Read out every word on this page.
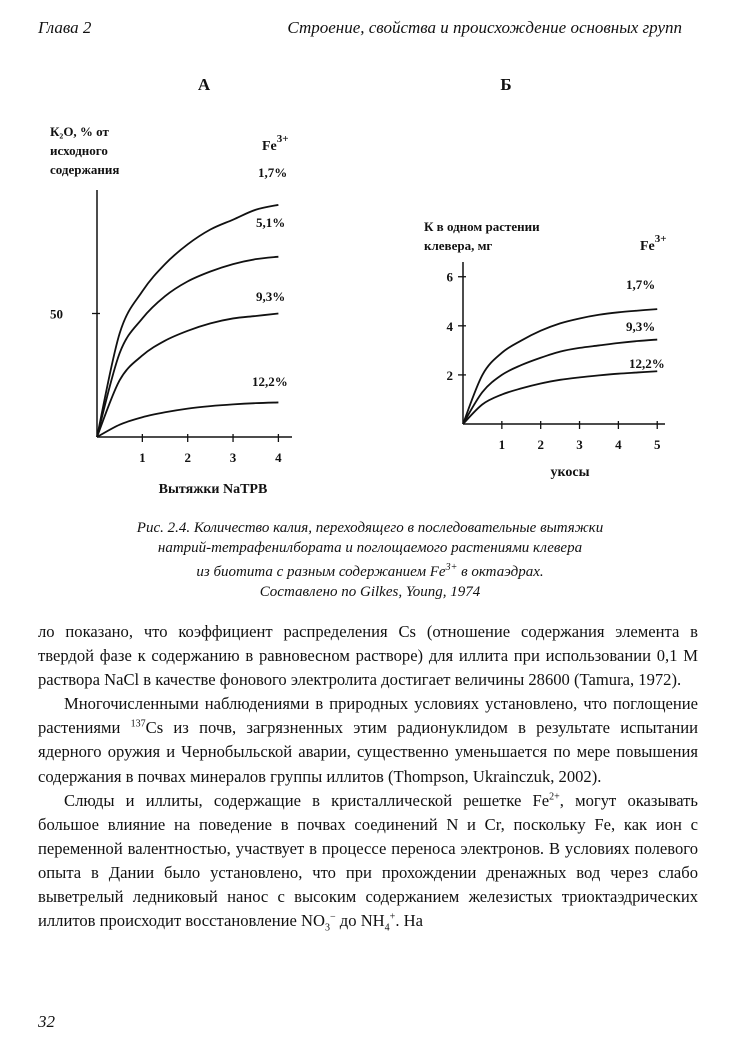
Глава 2	Строение, свойства и происхождение основных групп
А
К₂О, % от
исходного
содержания
$Fe^{3+}$
50
1	2	3	4
1,7%
5,1%
9,3%
12,2%
Вытяжки NaТРВ
Б
К в одном растении
клевера, мг	$Fe^{3+}$
2
4
6
1 2 3 4 5
1,7%
9,3%
12,2%
укосы
Рис. 2.4. Количество калия, переходящего в последовательные вытяжки
натрий-тетрафенилбората и поглощаемого растениями клевера
из биотита с разным содержанием $Fe^{3+}$ в октаэдрах.
Составлено по Gilkes, Young, 1974

ло показано, что коэффициент распределения Cs (отношение содержания элемента в твердой фазе к содержанию в равновесном растворе) для иллита при использовании 0,1 М раствора NaCl в качестве фонового электролита достигает величины 28600 (Tamura, 1972).

Многочисленными наблюдениями в природных условиях установлено, что поглощение растениями $^{137}$Cs из почв, загрязненных этим радионуклидом в результате испытании ядерного оружия и Чернобыльской аварии, существенно уменьшается по мере повышения содержания в почвах минералов группы иллитов (Thompson, Ukrainczuk, 2002).

Слюды и иллиты, содержащие в кристаллической решетке $Fe^{2+}$, могут оказывать большое влияние на поведение в почвах соединений N и Cr, поскольку Fe, как ион с переменной валентностью, участвует в процессе переноса электронов. В условиях полевого опыта в Дании было установлено, что при прохождении дренажных вод через слабо выветрелый ледниковый нанос с высоким содержанием железистых триоктаэдрических иллитов происходит восстановление $NO_3^-$ до $NH_4^+$. На

32
